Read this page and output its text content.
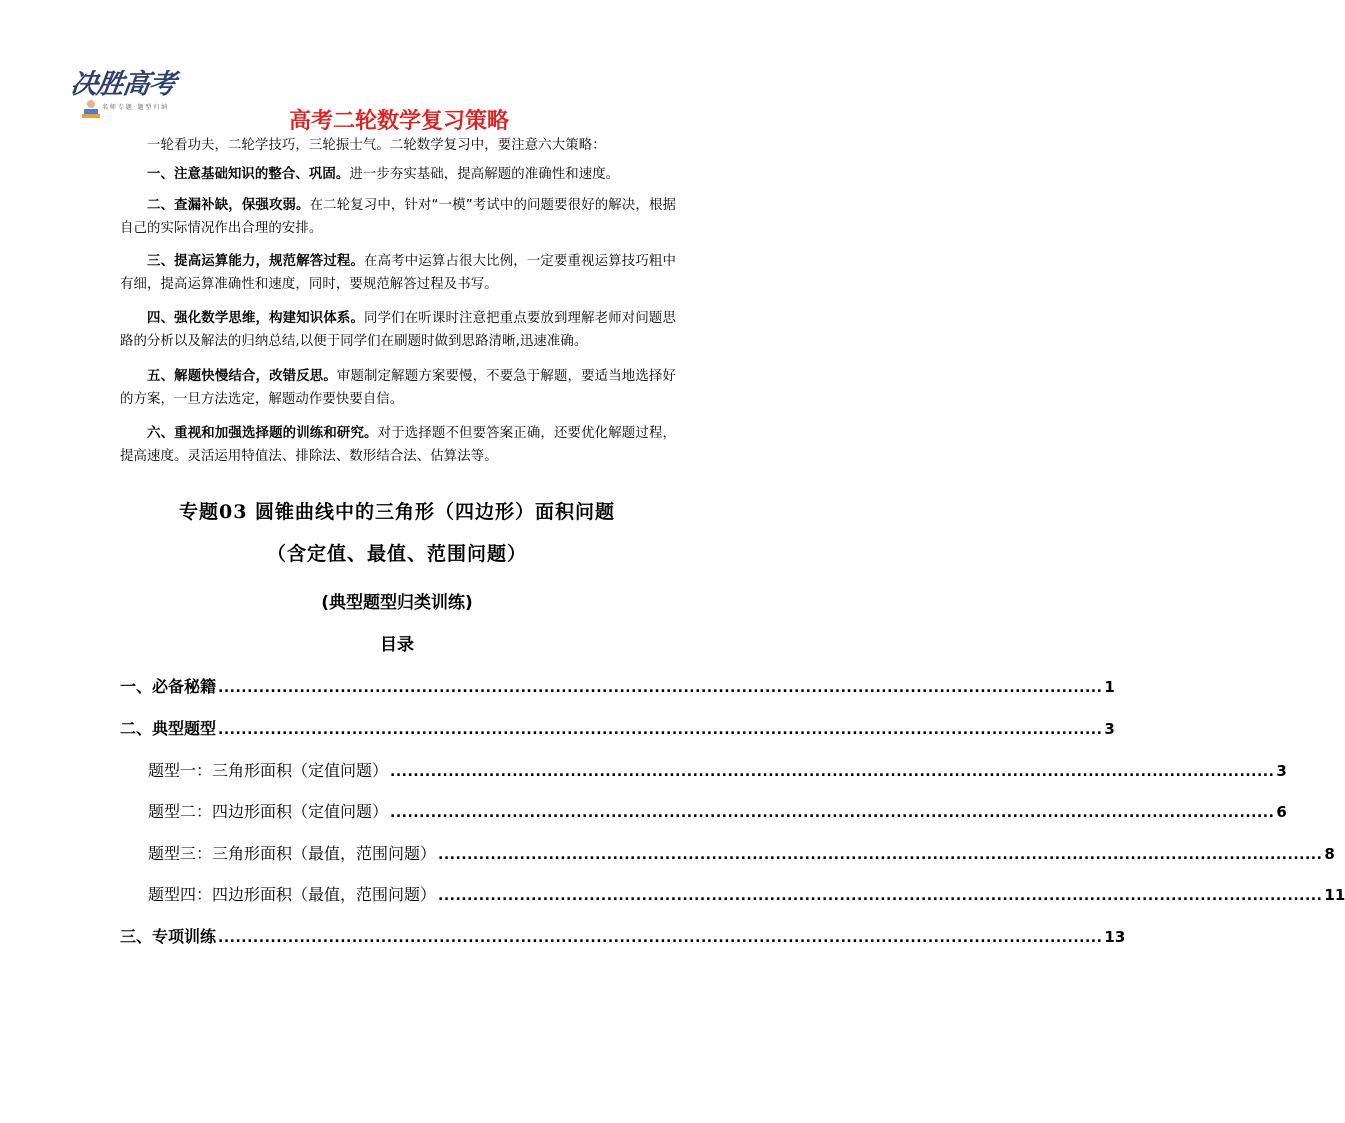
决胜高考
名 师 专 题 · 题 型 归 纳
高考二轮数学复习策略
一轮看功夫，二轮学技巧，三轮振士气。二轮数学复习中，要注意六大策略：
一、注意基础知识的整合、巩固。进一步夯实基础，提高解题的准确性和速度。
二、查漏补缺，保强攻弱。在二轮复习中，针对“一模”考试中的问题要很好的解决，根据自己的实际情况作出合理的安排。
三、提高运算能力，规范解答过程。在高考中运算占很大比例，一定要重视运算技巧粗中有细，提高运算准确性和速度，同时，要规范解答过程及书写。
四、强化数学思维，构建知识体系。同学们在听课时注意把重点要放到理解老师对问题思路的分析以及解法的归纳总结,以便于同学们在刷题时做到思路清晰,迅速准确。
五、解题快慢结合，改错反思。审题制定解题方案要慢，不要急于解题，要适当地选择好的方案，一旦方法选定，解题动作要快要自信。
六、重视和加强选择题的训练和研究。对于选择题不但要答案正确，还要优化解题过程，提高速度。灵活运用特值法、排除法、数形结合法、估算法等。
专题03 圆锥曲线中的三角形（四边形）面积问题
（含定值、最值、范围问题）
(典型题型归类训练)
目录
一、必备秘籍 ........................................................................................................................................................ 1
二、典型题型 ........................................................................................................................................................ 3
题型一：三角形面积（定值问题） ........................................................................................................................................................ 3
题型二：四边形面积（定值问题） ........................................................................................................................................................ 6
题型三：三角形面积（最值，范围问题） ........................................................................................................................................................ 8
题型四：四边形面积（最值，范围问题） ........................................................................................................................................................ 11
三、专项训练 ........................................................................................................................................................ 13
